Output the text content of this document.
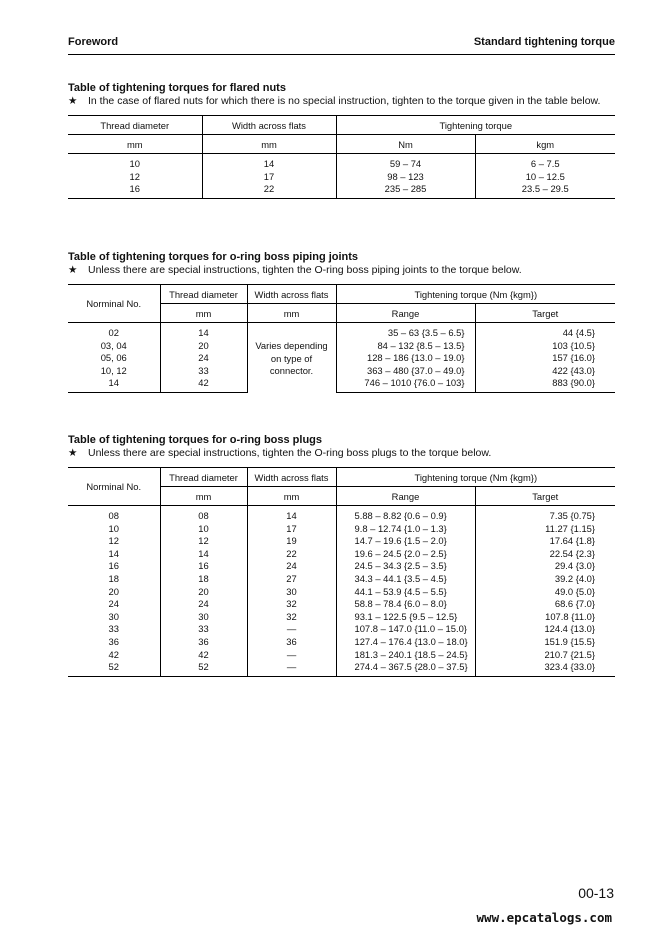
Foreword	Standard tightening torque
Table of tightening torques for flared nuts
★	In the case of flared nuts for which there is no special instruction, tighten to the torque given in the table below.
Thread diameter	Width across flats	Tightening torque	
mm	mm	Nm	kgm
10	14	59 – 74	6 – 7.5
12	17	98 – 123	10 – 12.5
16	22	235 – 285	23.5 – 29.5
Table of tightening torques for o-ring boss piping joints
★	Unless there are special instructions, tighten the O-ring boss piping joints to the torque below.
Norminal No.	Thread diameter	Width across flats	Tightening torque (Nm {kgm})	
	mm	mm	Range	Target
02	14	Varies depending on type of connector.	35 – 63 {3.5 – 6.5}	44 {4.5}
03, 04	20		84 – 132 {8.5 – 13.5}	103 {10.5}
05, 06	24		128 – 186 {13.0 – 19.0}	157 {16.0}
10, 12	33		363 – 480 {37.0 – 49.0}	422 {43.0}
14	42		746 – 1010 {76.0 – 103}	883 {90.0}
Table of tightening torques for o-ring boss plugs
★	Unless there are special instructions, tighten the O-ring boss plugs to the torque below.
Norminal No.	Thread diameter	Width across flats	Tightening torque (Nm {kgm})	
	mm	mm	Range	Target
08	08	14	5.88 – 8.82 {0.6 – 0.9}	7.35 {0.75}
10	10	17	9.8 – 12.74 {1.0 – 1.3}	11.27 {1.15}
12	12	19	14.7 – 19.6 {1.5 – 2.0}	17.64 {1.8}
14	14	22	19.6 – 24.5 {2.0 – 2.5}	22.54 {2.3}
16	16	24	24.5 – 34.3 {2.5 – 3.5}	29.4 {3.0}
18	18	27	34.3 – 44.1 {3.5 – 4.5}	39.2 {4.0}
20	20	30	44.1 – 53.9 {4.5 – 5.5}	49.0 {5.0}
24	24	32	58.8 – 78.4 {6.0 – 8.0}	68.6 {7.0}
30	30	32	93.1 – 122.5 {9.5 – 12.5}	107.8 {11.0}
33	33	—	107.8 – 147.0 {11.0 – 15.0}	124.4 {13.0}
36	36	36	127.4 – 176.4 {13.0 – 18.0}	151.9 {15.5}
42	42	—	181.3 – 240.1 {18.5 – 24.5}	210.7 {21.5}
52	52	—	274.4 – 367.5 {28.0 – 37.5}	323.4 {33.0}
00-13
www.epcatalogs.com
